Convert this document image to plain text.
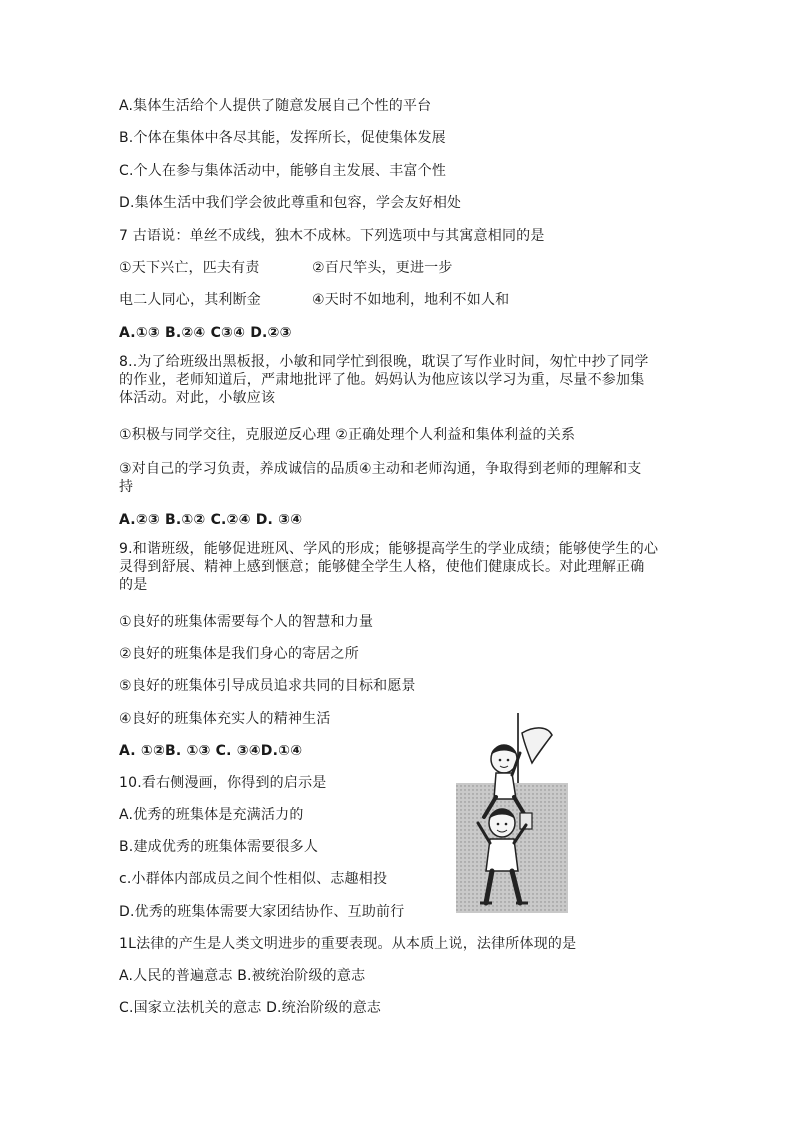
A.集体生活给个人提供了随意发展自己个性的平台
B.个体在集体中各尽其能，发挥所长，促使集体发展
C.个人在参与集体活动中，能够自主发展、丰富个性
D.集体生活中我们学会彼此尊重和包容，学会友好相处
7 古语说：单丝不成线，独木不成林。下列选项中与其寓意相同的是
①天下兴亡，匹夫有责	②百尺竿头，更进一步
电二人同心，其利断金	④天时不如地利，地利不如人和
A.①③ B.②④ C③④ D.②③
8..为了给班级出黑板报，小敏和同学忙到很晚，耽误了写作业时间，匆忙中抄了同学
的作业，老师知道后，严肃地批评了他。妈妈认为他应该以学习为重，尽量不参加集
体活动。对此，小敏应该
①积极与同学交往，克服逆反心理 ②正确处理个人利益和集体利益的关系
③对自己的学习负责，养成诚信的品质④主动和老师沟通，争取得到老师的理解和支
持
A.②③ B.①② C.②④ D. ③④
9.和谐班级，能够促进班风、学风的形成；能够提高学生的学业成绩；能够使学生的心
灵得到舒展、精神上感到惬意；能够健全学生人格，使他们健康成长。对此理解正确
的是
①良好的班集体需要每个人的智慧和力量
②良好的班集体是我们身心的寄居之所
⑤良好的班集体引导成员追求共同的目标和愿景
④良好的班集体充实人的精神生活
A. ①②B. ①③ C. ③④D.①④
10.看右侧漫画，你得到的启示是
A.优秀的班集体是充满活力的
B.建成优秀的班集体需要很多人
c.小群体内部成员之间个性相似、志趣相投
D.优秀的班集体需要大家团结协作、互助前行
1L法律的产生是人类文明进步的重要表现。从本质上说，法律所体现的是
A.人民的普遍意志 B.被统治阶级的意志
C.国家立法机关的意志 D.统治阶级的意志
